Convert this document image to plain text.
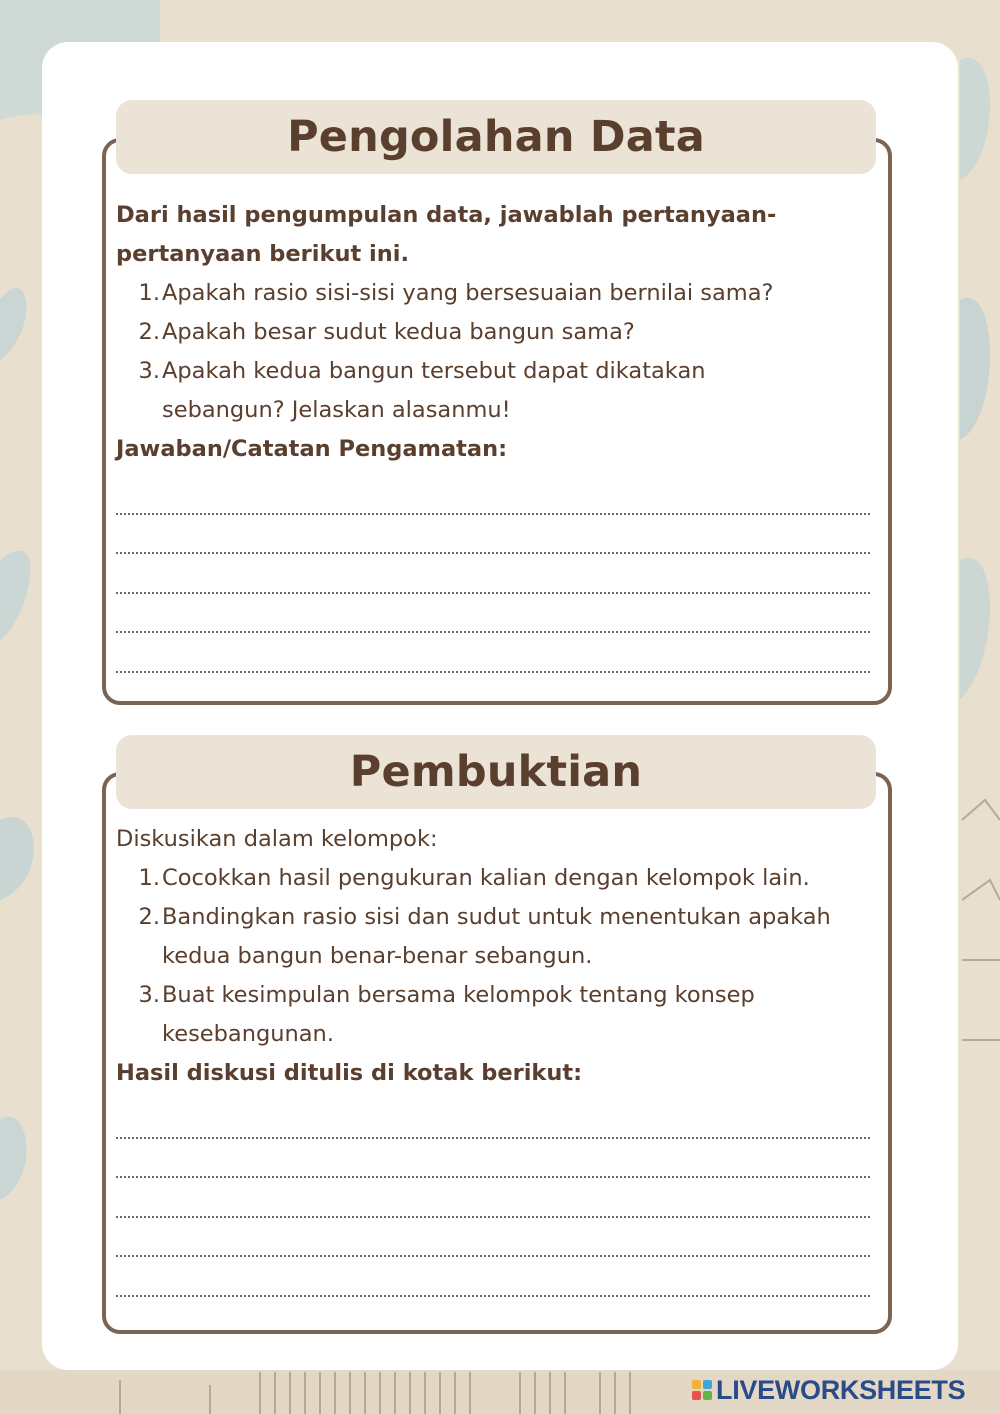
Pengolahan Data

Dari hasil pengumpulan data, jawablah pertanyaan-

pertanyaan berikut ini.

1. Apakah rasio sisi-sisi yang bersesuaian bernilai sama?
2. Apakah besar sudut kedua bangun sama?
3. Apakah kedua bangun tersebut dapat dikatakan
sebangun? Jelaskan alasanmu!

Jawaban/Catatan Pengamatan:

Pembuktian

Diskusikan dalam kelompok:

1. Cocokkan hasil pengukuran kalian dengan kelompok lain.
2. Bandingkan rasio sisi dan sudut untuk menentukan apakah
kedua bangun benar-benar sebangun.
3. Buat kesimpulan bersama kelompok tentang konsep
kesebangunan.

Hasil diskusi ditulis di kotak berikut:

LIVEWORKSHEETS
